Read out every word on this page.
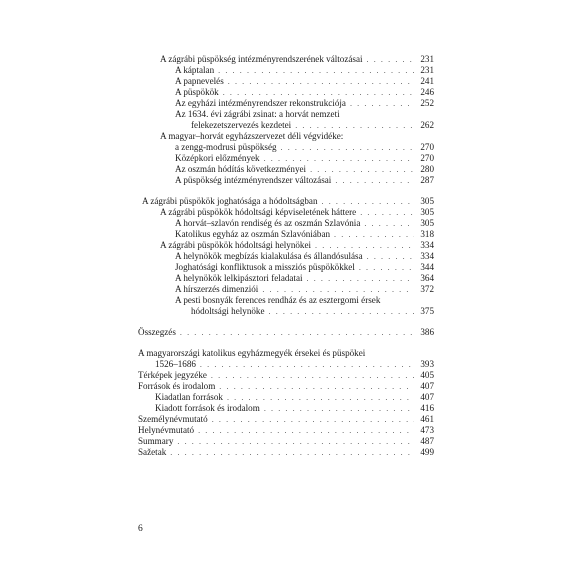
A zágrábi püspökség intézményrendszerének változásai . . .	231
A káptalan . . .	231
A papnevelés . . .	241
A püspökök . . .	246
Az egyházi intézményrendszer rekonstrukciója . . .	252
Az 1634. évi zágrábi zsinat: a horvát nemzeti
felekezetszervezés kezdetei . . .	262
A magyar–horvát egyházszervezet déli végvidéke:
a zengg-modrusi püspökség . . .	270
Középkori előzmények . . .	270
Az oszmán hódítás következményei . . .	280
A püspökség intézményrendszer változásai . . .	287
A zágrábi püspökök joghatósága a hódoltságban . . .	305
A zágrábi püspökök hódoltsági képviseletének háttere . . .	305
A horvát–szlavón rendiség és az oszmán Szlavónia . . .	305
Katolikus egyház az oszmán Szlavóniában . . .	318
A zágrábi püspökök hódoltsági helynökei . . .	334
A helynökök megbízás kialakulása és állandósulása . . .	334
Joghatósági konfliktusok a missziós püspökökkel . . .	344
A helynökök lelkipásztori feladatai . . .	364
A hírszerzés dimenziói . . .	372
A pesti bosnyák ferences rendház és az esztergomi érsek
hódoltsági helynöke . . .	375
Összegzés . . .	386
A magyarországi katolikus egyházmegyék érsekei és püspökei
1526–1686 . . .	393
Térképek jegyzéke . . .	405
Források és irodalom . . .	407
Kiadatlan források . . .	407
Kiadott források és irodalom . . .	416
Személynévmutató . . .	461
Helynévmutató . . .	473
Summary . . .	487
Sažetak . . .	499
6
